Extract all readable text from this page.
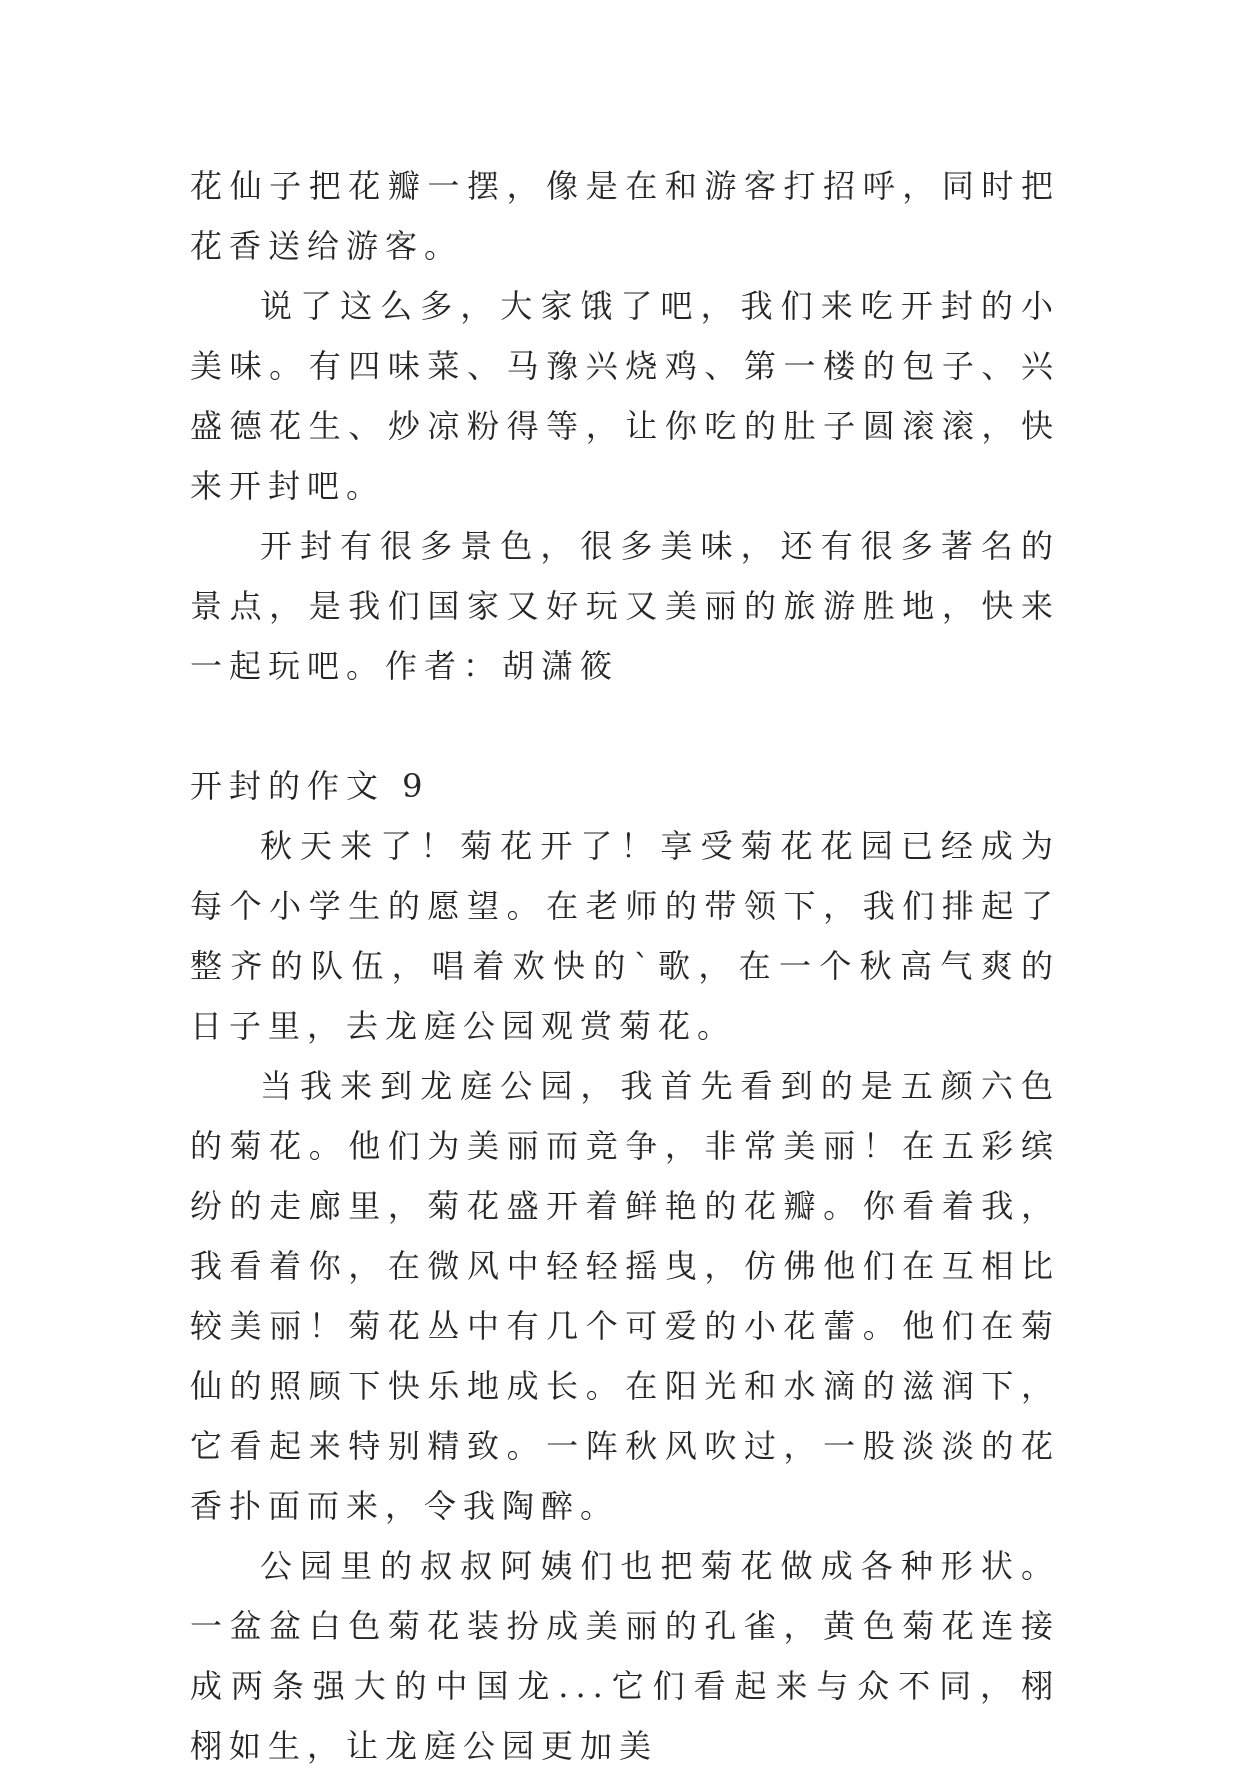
花仙子把花瓣一摆，像是在和游客打招呼，同时把花香送给游客。

说了这么多，大家饿了吧，我们来吃开封的小美味。有四味菜、马豫兴烧鸡、第一楼的包子、兴盛德花生、炒凉粉得等，让你吃的肚子圆滚滚，快来开封吧。

开封有很多景色，很多美味，还有很多著名的景点，是我们国家又好玩又美丽的旅游胜地，快来一起玩吧。作者：胡潇筱

开封的作文 9

秋天来了！菊花开了！享受菊花花园已经成为每个小学生的愿望。在老师的带领下，我们排起了整齐的队伍，唱着欢快的`歌，在一个秋高气爽的日子里，去龙庭公园观赏菊花。

当我来到龙庭公园，我首先看到的是五颜六色的菊花。他们为美丽而竞争，非常美丽！在五彩缤纷的走廊里，菊花盛开着鲜艳的花瓣。你看着我，我看着你，在微风中轻轻摇曳，仿佛他们在互相比较美丽！菊花丛中有几个可爱的小花蕾。他们在菊仙的照顾下快乐地成长。在阳光和水滴的滋润下，它看起来特别精致。一阵秋风吹过，一股淡淡的花香扑面而来，令我陶醉。

公园里的叔叔阿姨们也把菊花做成各种形状。一盆盆白色菊花装扮成美丽的孔雀，黄色菊花连接成两条强大的中国龙...它们看起来与众不同，栩栩如生，让龙庭公园更加美
